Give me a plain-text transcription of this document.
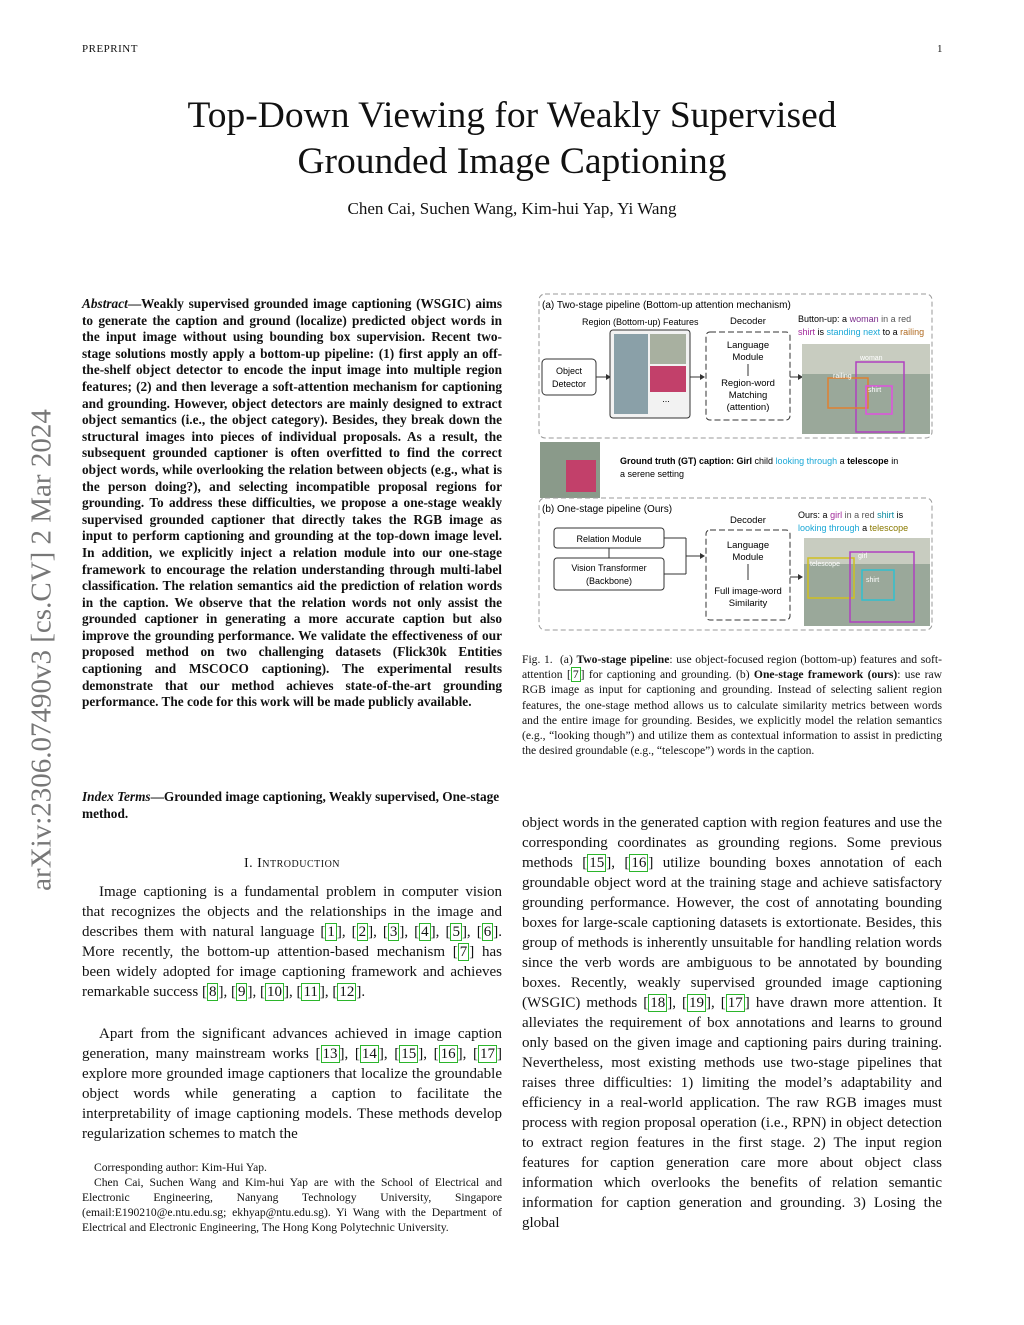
PREPRINT	1
Top-Down Viewing for Weakly Supervised
Grounded Image Captioning
Chen Cai, Suchen Wang, Kim-hui Yap, Yi Wang
arXiv:2306.07490v3 [cs.CV] 2 Mar 2024
Abstract—Weakly supervised grounded image captioning (WSGIC) aims to generate the caption and ground (localize) predicted object words in the input image without using bounding box supervision. Recent two-stage solutions mostly apply a bottom-up pipeline: (1) first apply an off-the-shelf object detector to encode the input image into multiple region features; (2) and then leverage a soft-attention mechanism for captioning and grounding. However, object detectors are mainly designed to extract object semantics (i.e., the object category). Besides, they break down the structural images into pieces of individual proposals. As a result, the subsequent grounded captioner is often overfitted to find the correct object words, while overlooking the relation between objects (e.g., what is the person doing?), and selecting incompatible proposal regions for grounding. To address these difficulties, we propose a one-stage weakly supervised grounded captioner that directly takes the RGB image as input to perform captioning and grounding at the top-down image level. In addition, we explicitly inject a relation module into our one-stage framework to encourage the relation understanding through multi-label classification. The relation semantics aid the prediction of relation words in the caption. We observe that the relation words not only assist the grounded captioner in generating a more accurate caption but also improve the grounding performance. We validate the effectiveness of our proposed method on two challenging datasets (Flick30k Entities captioning and MSCOCO captioning). The experimental results demonstrate that our method achieves state-of-the-art grounding performance. The code for this work will be made publicly available.
Index Terms—Grounded image captioning, Weakly supervised, One-stage method.
I. Introduction

Image captioning is a fundamental problem in computer vision that recognizes the objects and the relationships in the image and describes them with natural language [ 1 ], [ 2 ], [ 3 ], [ 4 ], [ 5 ], [ 6 ]. More recently, the bottom-up attention-based mechanism [ 7 ] has been widely adopted for image captioning framework and achieves remarkable success [ 8 ], [ 9 ], [ 10 ], [ 11 ], [ 12 ].

Apart from the significant advances achieved in image caption generation, many mainstream works [ 13 ], [ 14 ], [ 15 ], [ 16 ], [ 17 ] explore more grounded image captioners that localize the groundable object words while generating a caption to facilitate the interpretability of image captioning models. These methods develop regularization schemes to match the

Corresponding author: Kim-Hui Yap.

Chen Cai, Suchen Wang and Kim-hui Yap are with the School of Electrical and Electronic Engineering, Nanyang Technology University, Singapore (email:E190210@e.ntu.edu.sg; ekhyap@ntu.edu.sg). Yi Wang with the Department of Electrical and Electronic Engineering, The Hong Kong Polytechnic University.

object words in the generated caption with region features and use the corresponding coordinates as grounding regions. Some previous methods [ 15 ], [ 16 ] utilize bounding boxes annotation of each groundable object word at the training stage and achieve satisfactory grounding performance. However, the cost of annotating bounding boxes for large-scale captioning datasets is extortionate. Besides, this group of methods is inherently unsuitable for handling relation words since the verb words are ambiguous to be annotated by bounding boxes. Recently, weakly supervised grounded image captioning (WSGIC) methods [ 18 ], [ 19 ], [ 17 ] have drawn more attention. It alleviates the requirement of box annotations and learns to ground only based on the given image and captioning pairs during training. Nevertheless, most existing methods use two-stage pipelines that raises three difficulties: 1) limiting the model’s adaptability and efficiency in a real-world application. The raw RGB images must process with region proposal operation (i.e., RPN) in object detection to extract region features in the first stage. 2) The input region features for caption generation care more about object class information which overlooks the benefits of relation semantic information for caption generation and grounding. 3) Losing the global

(a) Two-stage pipeline (Bottom-up attention mechanism)
Region (Bottom-up) Features	Decoder
Object
Detector
...
Language
Module
Region-word
Matching
(attention)
Button-up: a woman in a red
shirt is standing next to a railing
woman
railing
shirt
Ground truth (GT) caption: Girl child looking through a telescope in
a serene setting
(b) One-stage pipeline (Ours)
Decoder
Relation Module
Vision Transformer
(Backbone)
Language
Module
Full image-word
Similarity
Ours: a girl in a red shirt is
looking through a telescope
telescope
girl
shirt
Fig. 1. (a) Two-stage pipeline: use object-focused region (bottom-up) features and soft-attention [ 7 ] for captioning and grounding. (b) One-stage framework (ours): use raw RGB image as input for captioning and grounding. Instead of selecting salient region features, the one-stage method allows us to calculate similarity metrics between words and the entire image for grounding. Besides, we explicitly model the relation semantics (e.g., “looking though”) and utilize them as contextual information to assist in predicting the desired groundable (e.g., “telescope”) words in the caption.
